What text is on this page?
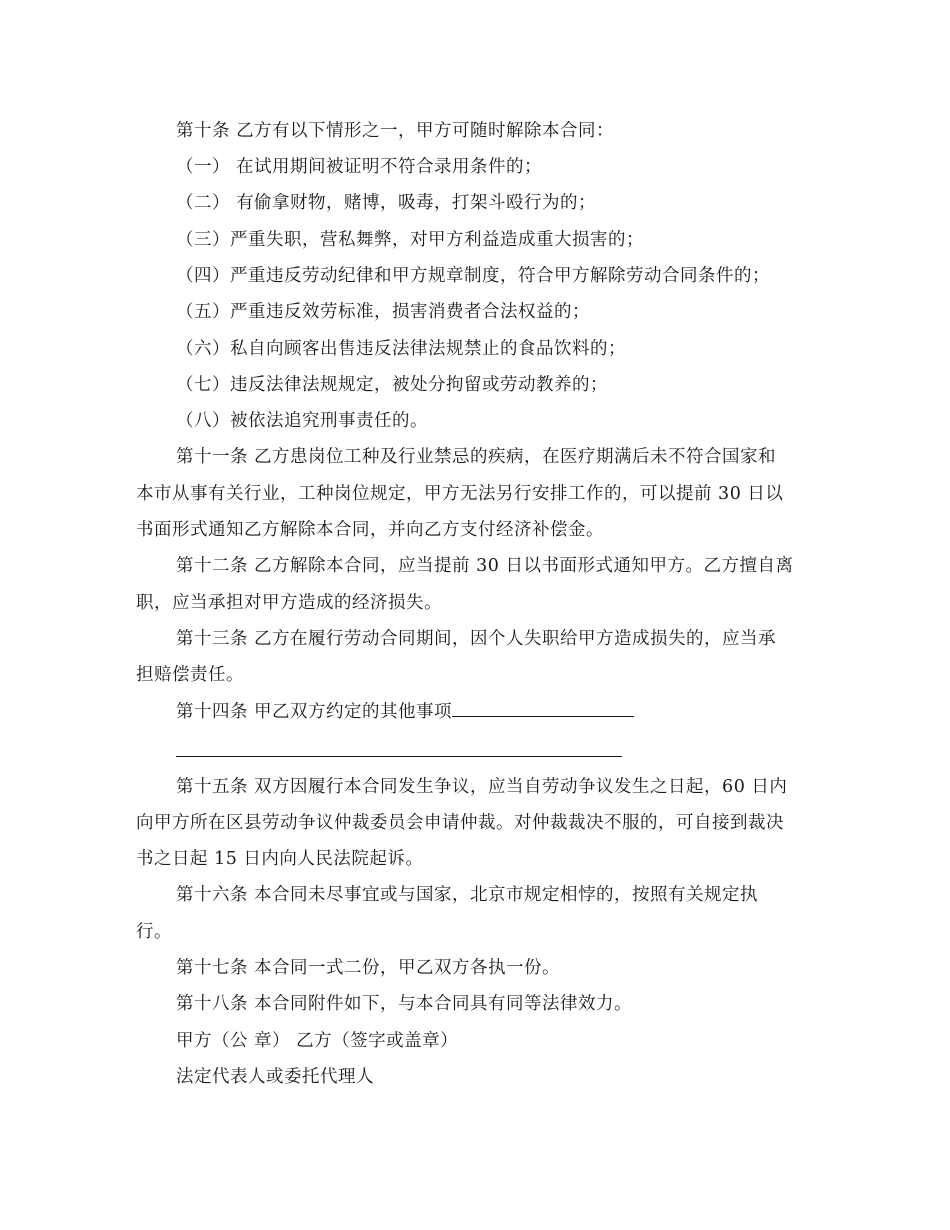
第十条 乙方有以下情形之一，甲方可随时解除本合同：
（一） 在试用期间被证明不符合录用条件的；
（二） 有偷拿财物，赌博，吸毒，打架斗殴行为的；
（三）严重失职，营私舞弊，对甲方利益造成重大损害的；
（四）严重违反劳动纪律和甲方规章制度，符合甲方解除劳动合同条件的；
（五）严重违反效劳标准，损害消费者合法权益的；
（六）私自向顾客出售违反法律法规禁止的食品饮料的；
（七）违反法律法规规定，被处分拘留或劳动教养的；
（八）被依法追究刑事责任的。
第十一条 乙方患岗位工种及行业禁忌的疾病，在医疗期满后未不符合国家和
本市从事有关行业，工种岗位规定，甲方无法另行安排工作的，可以提前 30 日以
书面形式通知乙方解除本合同，并向乙方支付经济补偿金。
第十二条 乙方解除本合同，应当提前 30 日以书面形式通知甲方。乙方擅自离
职，应当承担对甲方造成的经济损失。
第十三条 乙方在履行劳动合同期间，因个人失职给甲方造成损失的，应当承
担赔偿责任。
第十四条 甲乙双方约定的其他事项
第十五条 双方因履行本合同发生争议，应当自劳动争议发生之日起，60 日内
向甲方所在区县劳动争议仲裁委员会申请仲裁。对仲裁裁决不服的，可自接到裁决
书之日起 15 日内向人民法院起诉。
第十六条 本合同未尽事宜或与国家，北京市规定相悖的，按照有关规定执
行。
第十七条 本合同一式二份，甲乙双方各执一份。
第十八条 本合同附件如下，与本合同具有同等法律效力。
甲方（公 章） 乙方（签字或盖章）
法定代表人或委托代理人
